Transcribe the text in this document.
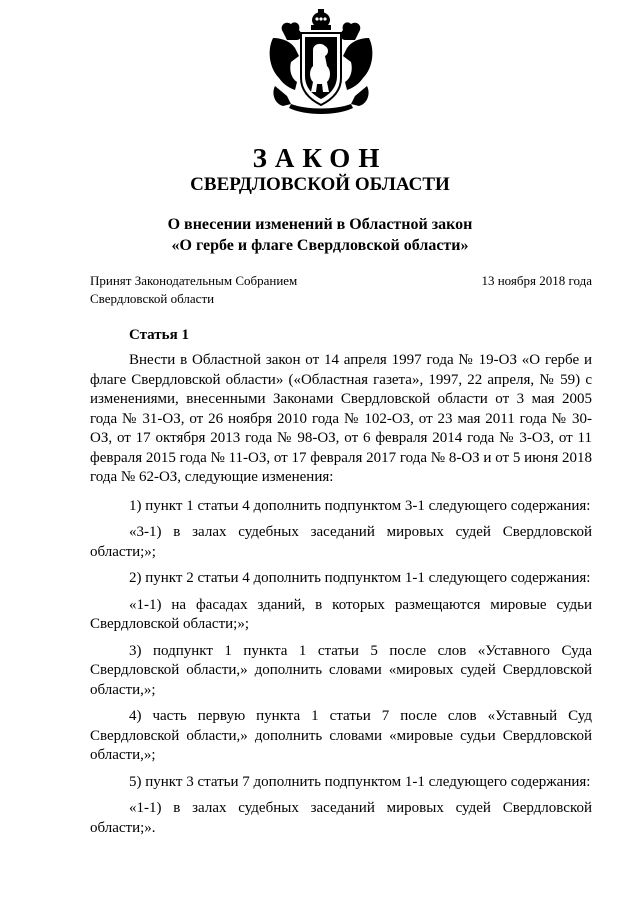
ЗАКОН
СВЕРДЛОВСКОЙ ОБЛАСТИ
О внесении изменений в Областной закон
«О гербе и флаге Свердловской области»
Принят Законодательным Собранием
Свердловской области
13 ноября 2018 года
Статья 1

Внести в Областной закон от 14 апреля 1997 года № 19-ОЗ «О гербе и флаге Свердловской области» («Областная газета», 1997, 22 апреля, № 59) с изменениями, внесенными Законами Свердловской области от 3 мая 2005 года № 31-ОЗ, от 26 ноября 2010 года № 102-ОЗ, от 23 мая 2011 года № 30-ОЗ, от 17 октября 2013 года № 98-ОЗ, от 6 февраля 2014 года № 3-ОЗ, от 11 февраля 2015 года № 11-ОЗ, от 17 февраля 2017 года № 8-ОЗ и от 5 июня 2018 года № 62-ОЗ, следующие изменения:

1) пункт 1 статьи 4 дополнить подпунктом 3-1 следующего содержания:

«3-1) в залах судебных заседаний мировых судей Свердловской области;»;

2) пункт 2 статьи 4 дополнить подпунктом 1-1 следующего содержания:

«1-1) на фасадах зданий, в которых размещаются мировые судьи Свердловской области;»;

3) подпункт 1 пункта 1 статьи 5 после слов «Уставного Суда Свердловской области,» дополнить словами «мировых судей Свердловской области,»;

4) часть первую пункта 1 статьи 7 после слов «Уставный Суд Свердловской области,» дополнить словами «мировые судьи Свердловской области,»;

5) пункт 3 статьи 7 дополнить подпунктом 1-1 следующего содержания:

«1-1) в залах судебных заседаний мировых судей Свердловской области;».
